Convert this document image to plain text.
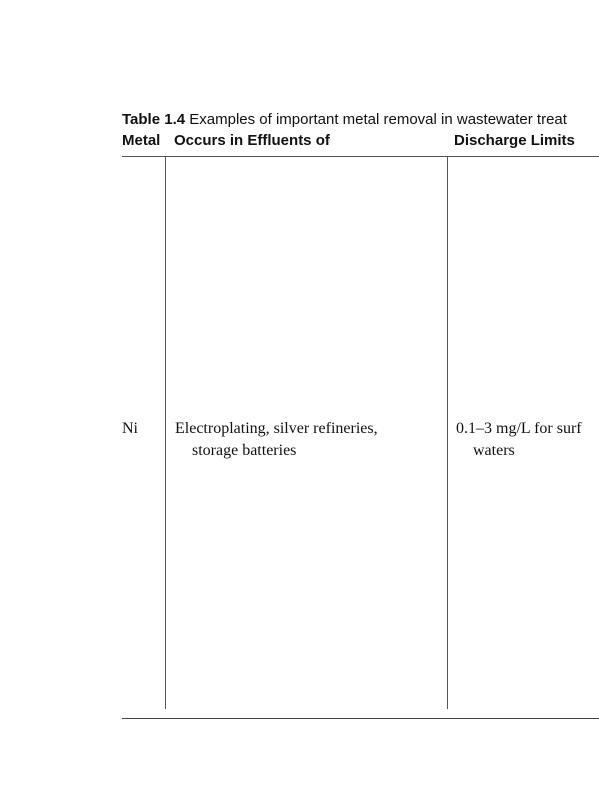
Table 1.4 Examples of important metal removal in wastewater treat
Metal Occurs in Effluents of	Discharge Limits
Ni Electroplating, silver refineries,
storage batteries
0.1–3 mg/L for surf
waters
